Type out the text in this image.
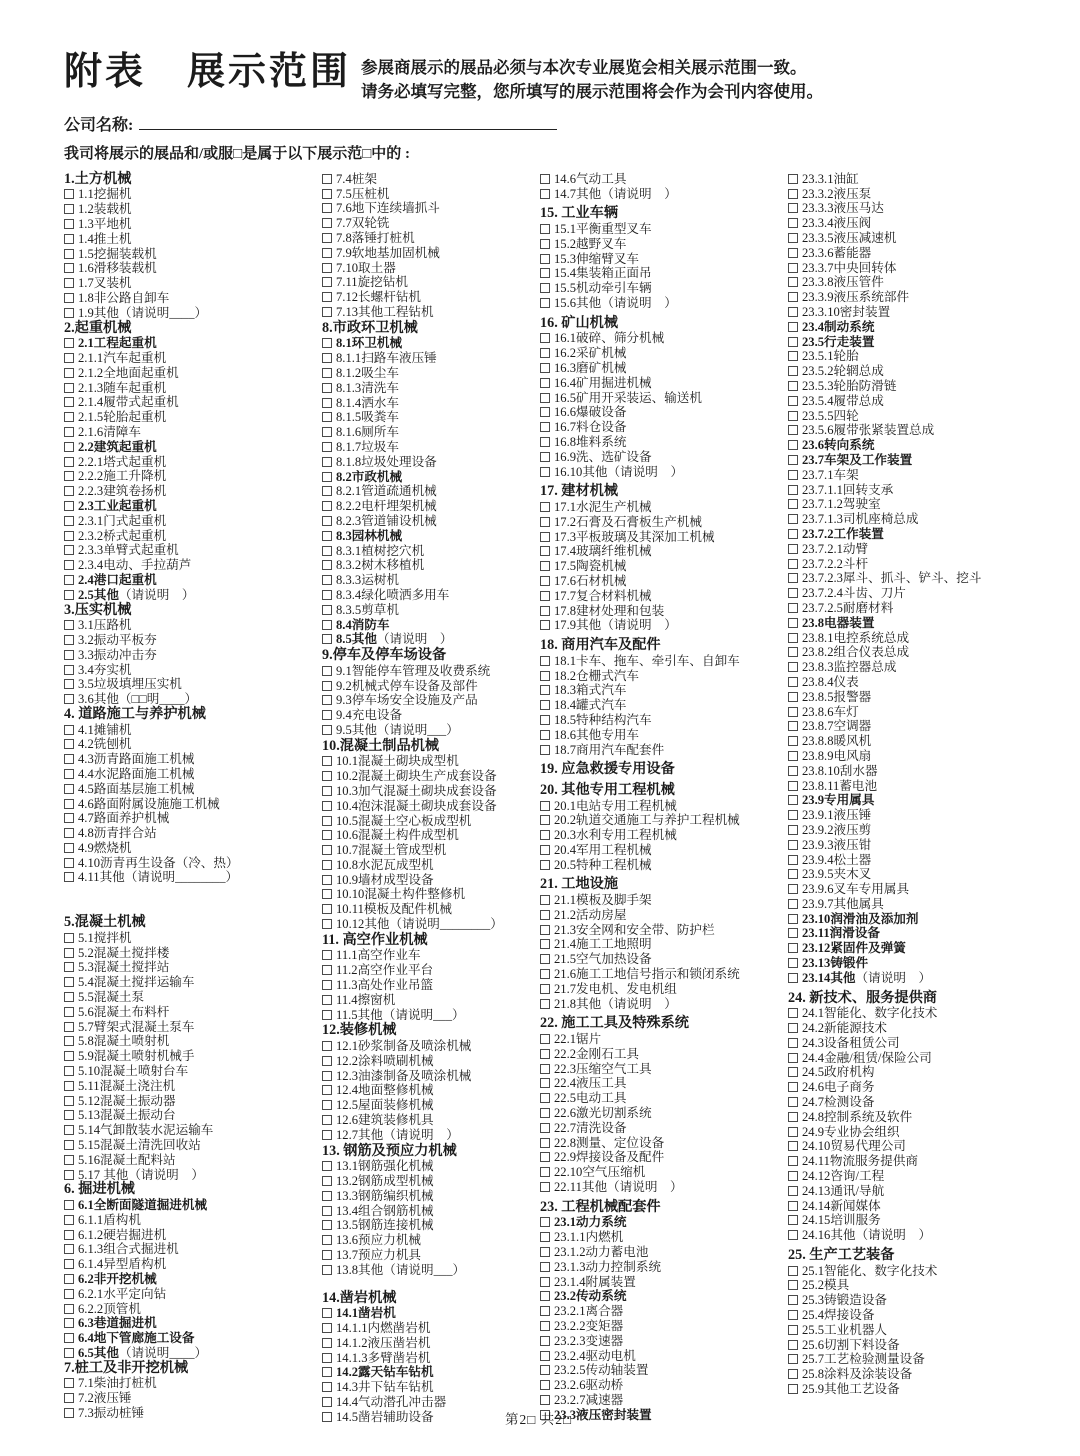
附表　展示范围 参展商展示的展品必须与本次专业展览会相关展示范围一致。
请务必填写完整，您所填写的展示范围将会作为会刊内容使用。
公司名称:
我司将展示的展品和/或服□是属于以下展示范□中的 :
1.土方机械
1.1挖掘机
1.2装载机
1.3平地机
1.4推土机
1.5挖掘装载机
1.6滑移装载机
1.7叉装机
1.8非公路自卸车
1.9其他（请说明____）
2.起重机械
2.1工程起重机
2.1.1汽车起重机
2.1.2全地面起重机
2.1.3随车起重机
2.1.4履带式起重机
2.1.5轮胎起重机
2.1.6清障车
2.2建筑起重机
2.2.1塔式起重机
2.2.2施工升降机
2.2.3建筑卷扬机
2.3工业起重机
2.3.1门式起重机
2.3.2桥式起重机
2.3.3单臂式起重机
2.3.4电动、手拉葫芦
2.4港口起重机
2.5其他（请说明　）
3.压实机械
3.1压路机
3.2振动平板夯
3.3振动冲击夯
3.4夯实机
3.5垃圾填埋压实机
3.6其他（□□明____）
4. 道路施工与养护机械
4.1摊铺机
4.2铣刨机
4.3沥青路面施工机械
4.4水泥路面施工机械
4.5路面基层施工机械
4.6路面附属设施施工机械
4.7路面养护机械
4.8沥青拌合站
4.9燃烧机
4.10沥青再生设备（冷、热）
4.11其他（请说明________）
5.混凝土机械
5.1搅拌机
5.2混凝土搅拌楼
5.3混凝土搅拌站
5.4混凝土搅拌运输车
5.5混凝土泵
5.6混凝土布料杆
5.7臂架式混凝土泵车
5.8混凝土喷射机
5.9混凝土喷射机械手
5.10混凝土喷射台车
5.11混凝土浇注机
5.12混凝土振动器
5.13混凝土振动台
5.14气卸散装水泥运输车
5.15混凝土清洗回收站
5.16混凝土配料站
5.17 其他（请说明　）
6. 掘进机械
6.1全断面隧道掘进机械
6.1.1盾构机
6.1.2硬岩掘进机
6.1.3组合式掘进机
6.1.4异型盾构机
6.2非开挖机械
6.2.1水平定向钻
6.2.2顶管机
6.3巷道掘进机
6.4地下管廊施工设备
6.5其他（请说明____）
7.桩工及非开挖机械
7.1柴油打桩机
7.2液压锤
7.3振动桩锤
7.4桩架
7.5压桩机
7.6地下连续墙抓斗
7.7双轮铣
7.8落锤打桩机
7.9软地基加固机械
7.10取土器
7.11旋挖钻机
7.12长螺杆钻机
7.13其他工程钻机
8.市政环卫机械
8.1环卫机械
8.1.1扫路车液压锤
8.1.2吸尘车
8.1.3清洗车
8.1.4洒水车
8.1.5吸粪车
8.1.6厕所车
8.1.7垃圾车
8.1.8垃圾处理设备
8.2市政机械
8.2.1管道疏通机械
8.2.2电杆埋架机械
8.2.3管道铺设机械
8.3园林机械
8.3.1植树挖穴机
8.3.2树木移植机
8.3.3运树机
8.3.4绿化喷洒多用车
8.3.5剪草机
8.4消防车
8.5其他（请说明　）
9.停车及停车场设备
9.1智能停车管理及收费系统
9.2机械式停车设备及部件
9.3停车场安全设施及产品
9.4充电设备
9.5其他（请说明___）
10.混凝土制品机械
10.1混凝土砌块成型机
10.2混凝土砌块生产成套设备
10.3加气混凝土砌块成套设备
10.4泡沫混凝土砌块成套设备
10.5混凝土空心板成型机
10.6混凝土构件成型机
10.7混凝土管成型机
10.8水泥瓦成型机
10.9墙材成型设备
10.10混凝土构件整修机
10.11模板及配件机械
10.12其他（请说明________）
11. 高空作业机械
11.1高空作业车
11.2高空作业平台
11.3高处作业吊篮
11.4擦窗机
11.5其他（请说明___）
12.装修机械
12.1砂浆制备及喷涂机械
12.2涂料喷刷机械
12.3油漆制备及喷涂机械
12.4地面整修机械
12.5屋面装修机械
12.6建筑装修机具
12.7其他（请说明　）
13. 钢筋及预应力机械
13.1钢筋强化机械
13.2钢筋成型机械
13.3钢筋编织机械
13.4组合钢筋机械
13.5钢筋连接机械
13.6预应力机械
13.7预应力机具
13.8其他（请说明___）
14.凿岩机械
14.1凿岩机
14.1.1内燃凿岩机
14.1.2液压凿岩机
14.1.3多臂凿岩机
14.2露天钻车钻机
14.3井下钻车钻机
14.4气动潜孔冲击器
14.5凿岩辅助设备
14.6气动工具
14.7其他（请说明　）
15. 工业车辆
15.1平衡重型叉车
15.2越野叉车
15.3伸缩臂叉车
15.4集装箱正面吊
15.5机动牵引车辆
15.6其他（请说明　）
16. 矿山机械
16.1破碎、筛分机械
16.2采矿机械
16.3磨矿机械
16.4矿用掘进机械
16.5矿用开采装运、输送机
16.6爆破设备
16.7料仓设备
16.8堆料系统
16.9洗、选矿设备
16.10其他（请说明　）
17. 建材机械
17.1水泥生产机械
17.2石膏及石膏板生产机械
17.3平板玻璃及其深加工机械
17.4玻璃纤维机械
17.5陶瓷机械
17.6石材机械
17.7复合材料机械
17.8建材处理和包装
17.9其他（请说明　）
18. 商用汽车及配件
18.1卡车、拖车、牵引车、自卸车
18.2仓栅式汽车
18.3箱式汽车
18.4罐式汽车
18.5特种结构汽车
18.6其他专用车
18.7商用汽车配套件
19. 应急救援专用设备
20. 其他专用工程机械
20.1电站专用工程机械
20.2轨道交通施工与养护工程机械
20.3水利专用工程机械
20.4军用工程机械
20.5特种工程机械
21. 工地设施
21.1模板及脚手架
21.2活动房屋
21.3安全网和安全带、防护栏
21.4施工工地照明
21.5空气加热设备
21.6施工工地信号指示和锁闭系统
21.7发电机、发电机组
21.8其他（请说明　）
22. 施工工具及特殊系统
22.1锯片
22.2金刚石工具
22.3压缩空气工具
22.4液压工具
22.5电动工具
22.6激光切割系统
22.7清洗设备
22.8测量、定位设备
22.9焊接设备及配件
22.10空气压缩机
22.11其他（请说明　）
23. 工程机械配套件
23.1动力系统
23.1.1内燃机
23.1.2动力蓄电池
23.1.3动力控制系统
23.1.4附属装置
23.2传动系统
23.2.1离合器
23.2.2变矩器
23.2.3变速器
23.2.4驱动电机
23.2.5传动轴装置
23.2.6驱动桥
23.2.7减速器
23.3液压密封装置
23.3.1油缸
23.3.2液压泵
23.3.3液压马达
23.3.4液压阀
23.3.5液压减速机
23.3.6蓄能器
23.3.7中央回转体
23.3.8液压管件
23.3.9液压系统部件
23.3.10密封装置
23.4制动系统
23.5行走装置
23.5.1轮胎
23.5.2轮辋总成
23.5.3轮胎防滑链
23.5.4履带总成
23.5.5四轮
23.5.6履带张紧装置总成
23.6转向系统
23.7车架及工作装置
23.7.1车架
23.7.1.1回转支承
23.7.1.2驾驶室
23.7.1.3司机座椅总成
23.7.2工作装置
23.7.2.1动臂
23.7.2.2斗杆
23.7.2.3犀斗、抓斗、铲斗、挖斗
23.7.2.4斗齿、刀片
23.7.2.5耐磨材料
23.8电器装置
23.8.1电控系统总成
23.8.2组合仪表总成
23.8.3监控器总成
23.8.4仪表
23.8.5报警器
23.8.6车灯
23.8.7空调器
23.8.8暖风机
23.8.9电风扇
23.8.10刮水器
23.8.11蓄电池
23.9专用属具
23.9.1液压锤
23.9.2液压剪
23.9.3液压钳
23.9.4松土器
23.9.5夹木叉
23.9.6叉车专用属具
23.9.7其他属具
23.10润滑油及添加剂
23.11润滑设备
23.12紧固件及弹簧
23.13铸锻件
23.14其他（请说明　）
24. 新技术、服务提供商
24.1智能化、数字化技术
24.2新能源技术
24.3设备租赁公司
24.4金融/租赁/保险公司
24.5政府机构
24.6电子商务
24.7检测设备
24.8控制系统及软件
24.9专业协会组织
24.10贸易代理公司
24.11物流服务提供商
24.12咨询/工程
24.13通讯/导航
24.14新闻媒体
24.15培训服务
24.16其他（请说明　）
25. 生产工艺装备
25.1智能化、数字化技术
25.2模具
25.3铸锻造设备
25.4焊接设备
25.5工业机器人
25.6切割下料设备
25.7工艺检验测量设备
25.8涂料及涂装设备
25.9其他工艺设备
第2□ 共2□
